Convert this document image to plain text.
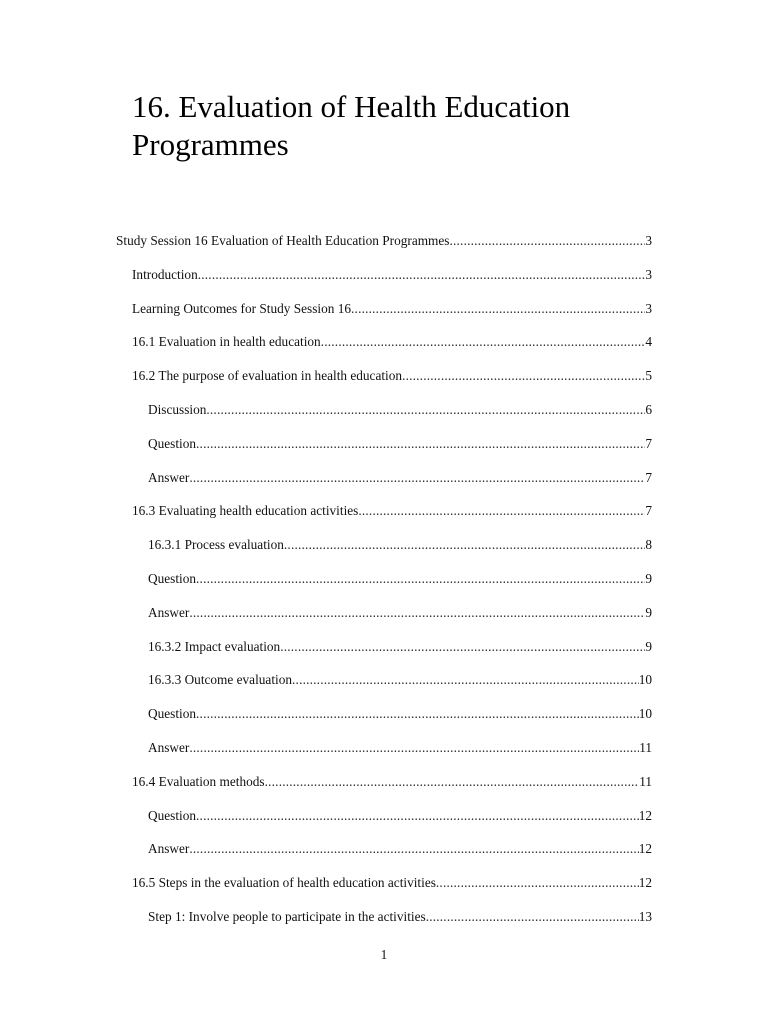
16. Evaluation of Health Education Programmes
Study Session 16 Evaluation of Health Education Programmes .....	3
Introduction .....	3
Learning Outcomes for Study Session 16 .....	3
16.1 Evaluation in health education .....	4
16.2 The purpose of evaluation in health education .....	5
Discussion .....	6
Question .....	7
Answer .....	7
16.3 Evaluating health education activities .....	7
16.3.1 Process evaluation .....	8
Question .....	9
Answer .....	9
16.3.2 Impact evaluation .....	9
16.3.3 Outcome evaluation .....	10
Question .....	10
Answer .....	11
16.4 Evaluation methods .....	11
Question .....	12
Answer .....	12
16.5 Steps in the evaluation of health education activities .....	12
Step 1: Involve people to participate in the activities .....	13
1
